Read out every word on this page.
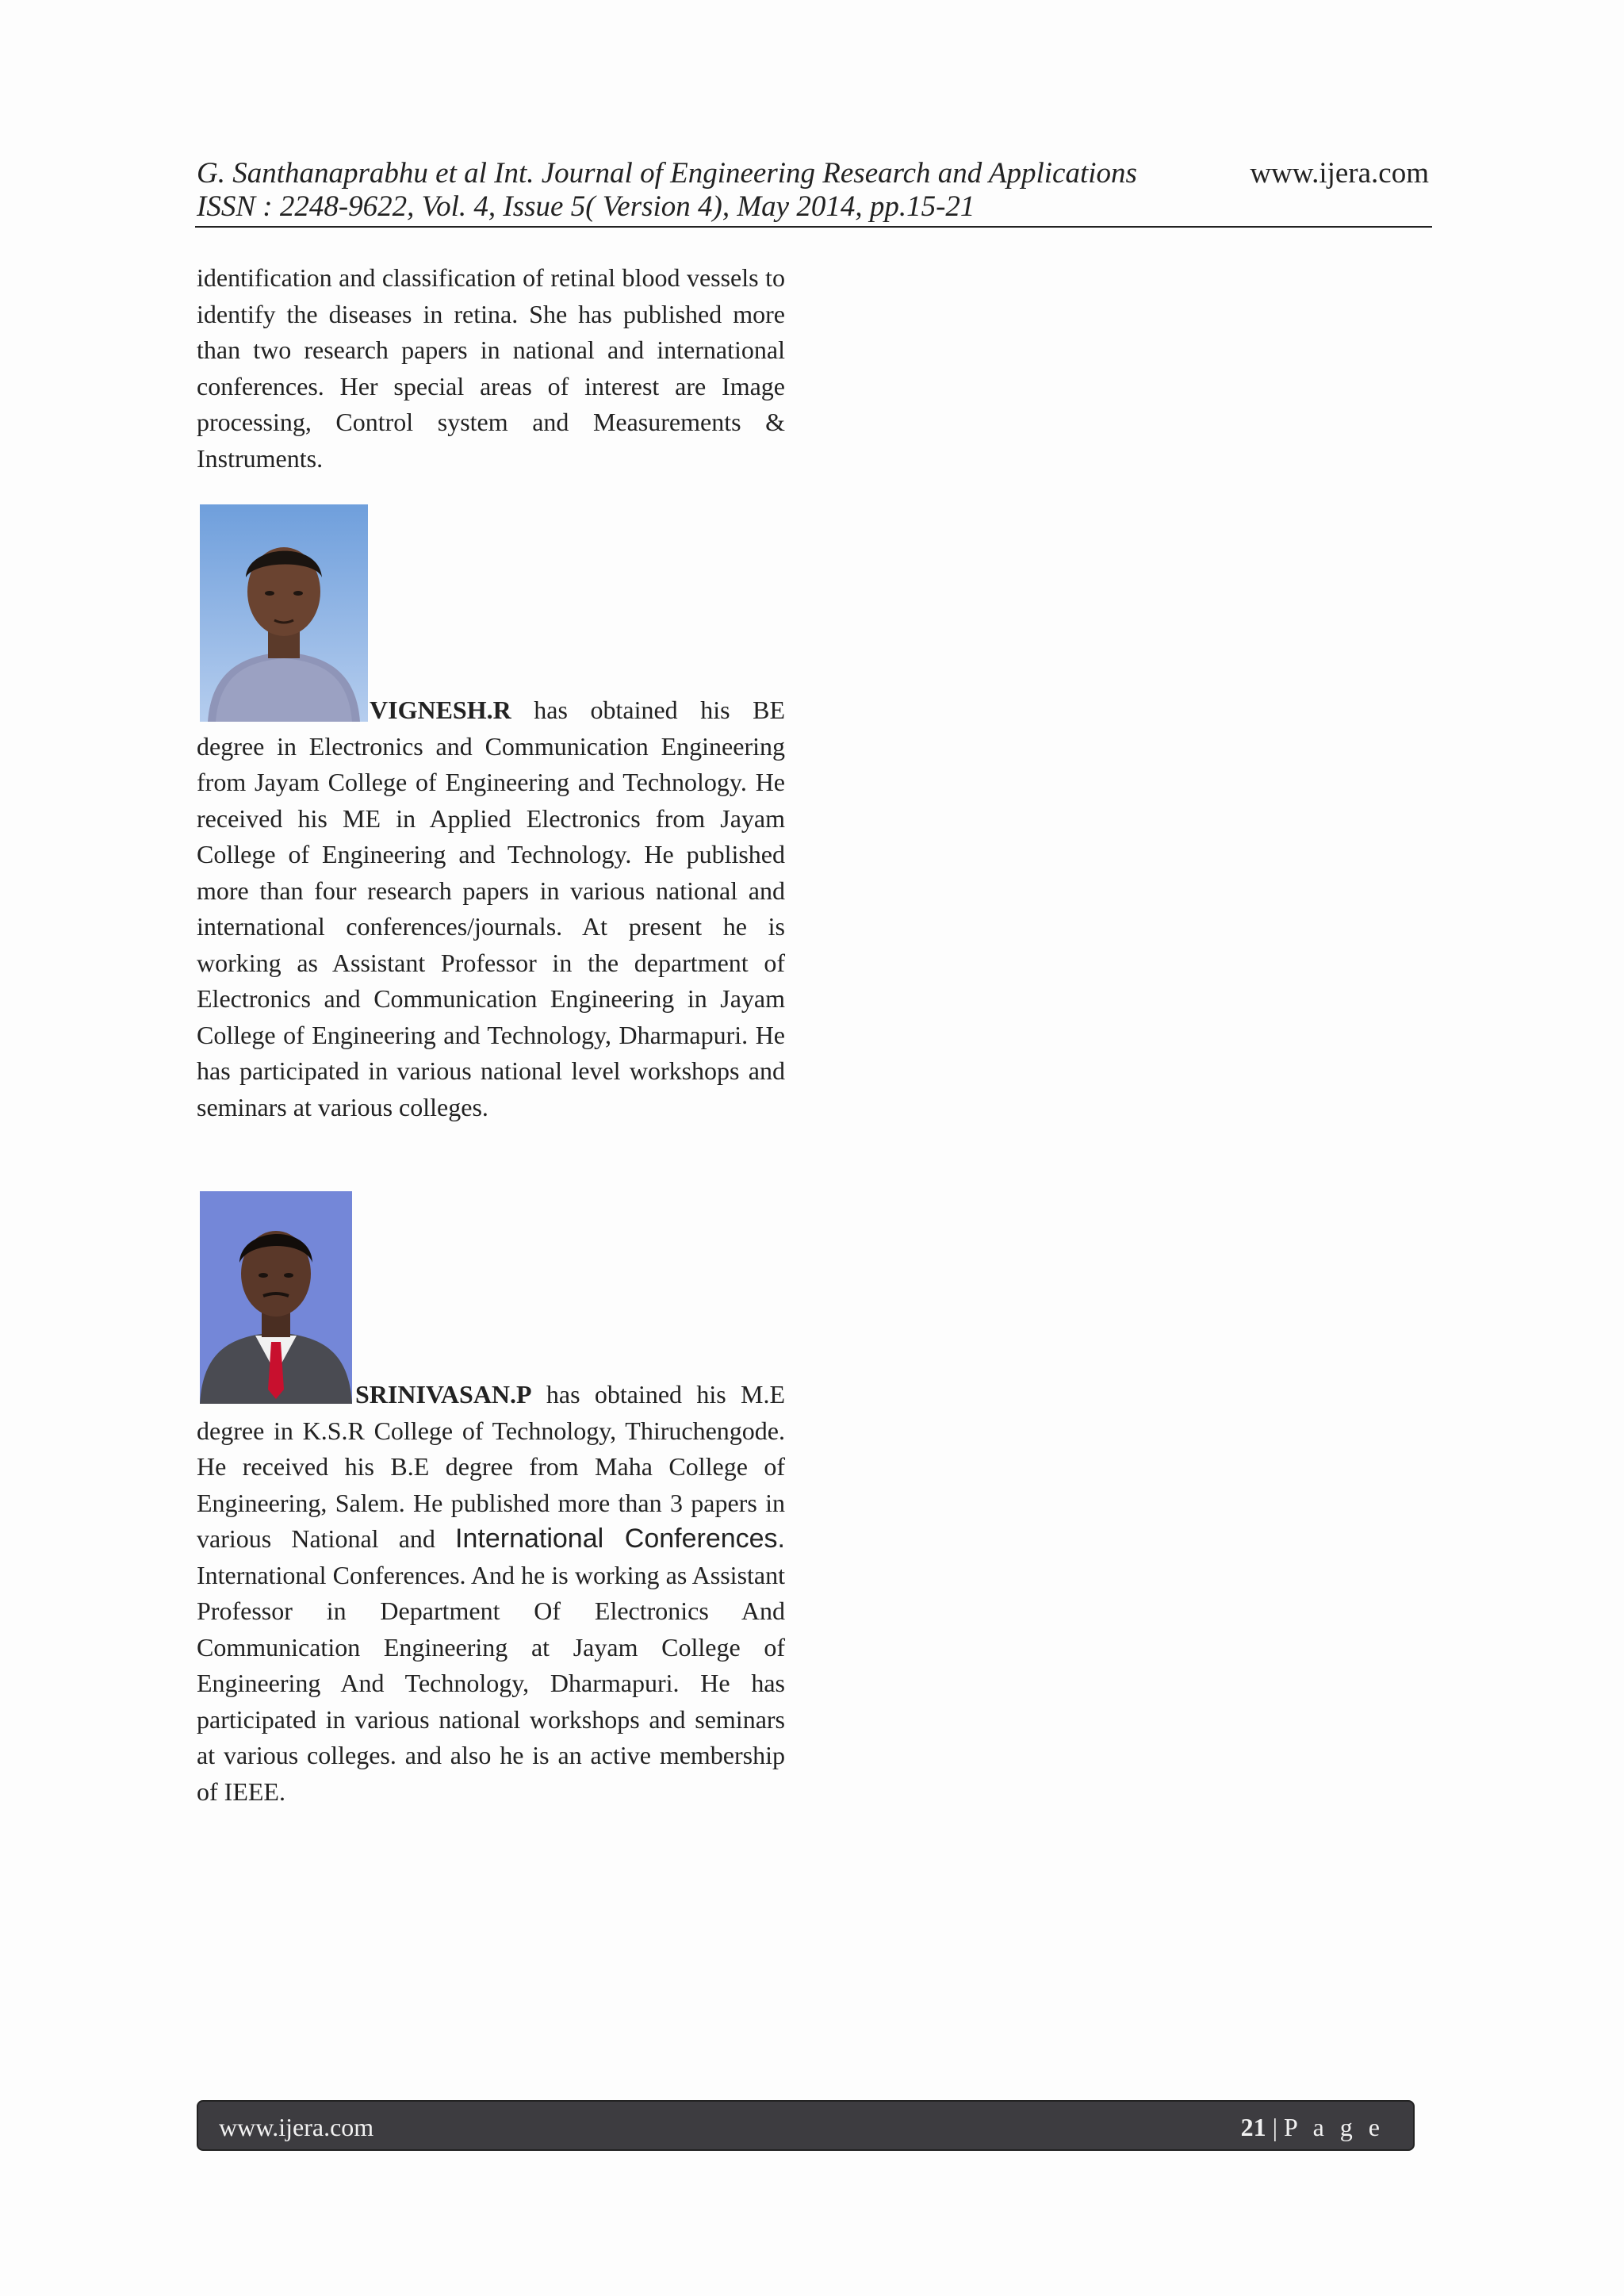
G. Santhanaprabhu et al Int. Journal of Engineering Research and Applications	www.ijera.com
ISSN : 2248-9622, Vol. 4, Issue 5( Version 4), May 2014, pp.15-21

identification and classification of retinal blood vessels to identify the diseases in retina. She has published more than two research papers in national and international conferences. Her special areas of interest are Image processing, Control system and Measurements & Instruments.

VIGNESH.R has obtained his BE degree in Electronics and Communication Engineering from Jayam College of Engineering and Technology. He received his ME in Applied Electronics from Jayam College of Engineering and Technology. He published more than four research papers in various national and international conferences/journals. At present he is working as Assistant Professor in the department of Electronics and Communication Engineering in Jayam College of Engineering and Technology, Dharmapuri. He has participated in various national level workshops and seminars at various colleges.

SRINIVASAN.P has obtained his M.E degree in K.S.R College of Technology, Thiruchengode. He received his B.E degree from Maha College of Engineering, Salem. He published more than 3 papers in various National and International Conferences. International Conferences. And he is working as Assistant Professor in Department Of Electronics And Communication Engineering at Jayam College of Engineering And Technology, Dharmapuri. He has participated in various national workshops and seminars at various colleges. and also he is an active membership of IEEE.

www.ijera.com	21 | P a g e
